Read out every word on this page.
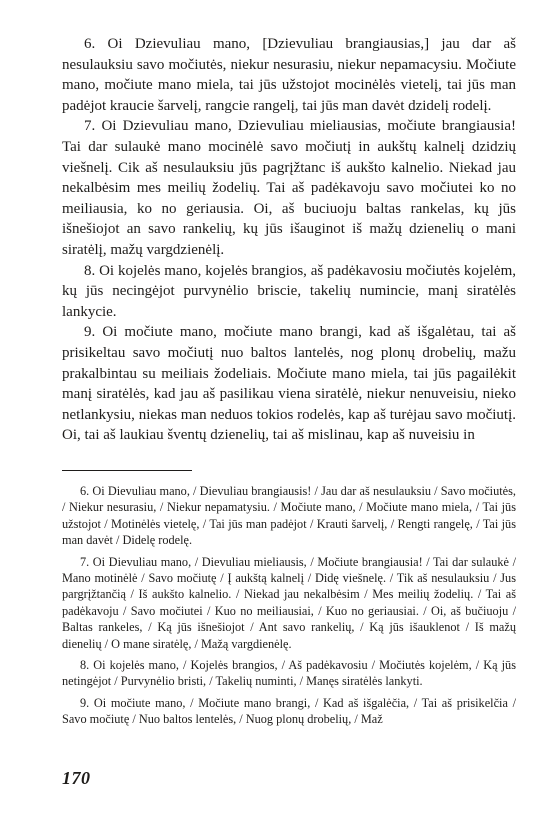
6. Oi Dzievuliau mano, [Dzievuliau brangiausias,] jau dar aš nesulauksiu savo močiutės, niekur nesurasiu, niekur nepamacysiu. Močiute mano, močiute mano miela, tai jūs užstojot mocinėlės vietelį, tai jūs man padėjot kraucie šarvelį, rangcie rangelį, tai jūs man davėt dzidelį rodelį.

7. Oi Dzievuliau mano, Dzievuliau mieliausias, močiute brangiausia! Tai dar sulaukė mano mocinėlė savo močiutį in aukštų kalnelį dzidzių viešnelį. Cik aš nesulauksiu jūs pagrįžtanc iš aukšto kalnelio. Niekad jau nekalbėsim mes meilių žodelių. Tai aš padėkavoju savo močiutei ko no meiliausia, ko no geriausia. Oi, aš buciuoju baltas rankelas, kų jūs išnešiojot an savo rankelių, kų jūs išauginot iš mažų dzienelių o mani siratėlį, mažų vargdzienėlį.

8. Oi kojelės mano, kojelės brangios, aš padėkavosiu močiutės kojelėm, kų jūs necingėjot purvynėlio briscie, takelių numincie, manį siratėlės lankycie.

9. Oi močiute mano, močiute mano brangi, kad aš išgalėtau, tai aš prisikeltau savo močiutį nuo baltos lantelės, nog plonų drobelių, mažu prakalbintau su meiliais žodeliais. Močiute mano miela, tai jūs pagailėkit manį siratėlės, kad jau aš pasilikau viena siratėlė, niekur nenuveisiu, nieko netlankysiu, niekas man neduos tokios rodelės, kap aš turėjau savo močiutį. Oi, tai aš laukiau šventų dzienelių, tai aš mislinau, kap aš nuveisiu in

6. Oi Dievuliau mano, / Dievuliau brangiausis! / Jau dar aš nesulauksiu / Savo močiutės, / Niekur nesurasiu, / Niekur nepamatysiu. / Močiute mano, / Močiute mano miela, / Tai jūs užstojot / Motinėlės vietelę, / Tai jūs man padėjot / Krauti šarvelį, / Rengti rangelę, / Tai jūs man davėt / Didelę rodelę.

7. Oi Dievuliau mano, / Dievuliau mieliausis, / Močiute brangiausia! / Tai dar sulaukė / Mano motinėlė / Savo močiutę / Į aukštą kalnelį / Didę viešnelę. / Tik aš nesulauksiu / Jus pargrįžtančią / Iš aukšto kalnelio. / Niekad jau nekalbėsim / Mes meilių žodelių. / Tai aš padėkavoju / Savo močiutei / Kuo no meiliausiai, / Kuo no geriausiai. / Oi, aš bučiuoju / Baltas rankeles, / Ką jūs išnešiojot / Ant savo rankelių, / Ką jūs išauklenot / Iš mažų dienelių / O mane siratėlę, / Mažą vargdienėlę.

8. Oi kojelės mano, / Kojelės brangios, / Aš padėkavosiu / Močiutės kojelėm, / Ką jūs netingėjot / Purvynėlio bristi, / Takelių numinti, / Manęs siratėlės lankyti.

9. Oi močiute mano, / Močiute mano brangi, / Kad aš išgalėčia, / Tai aš prisikelčia / Savo močiutę / Nuo baltos lentelės, / Nuog plonų drobelių, / Maž

170
